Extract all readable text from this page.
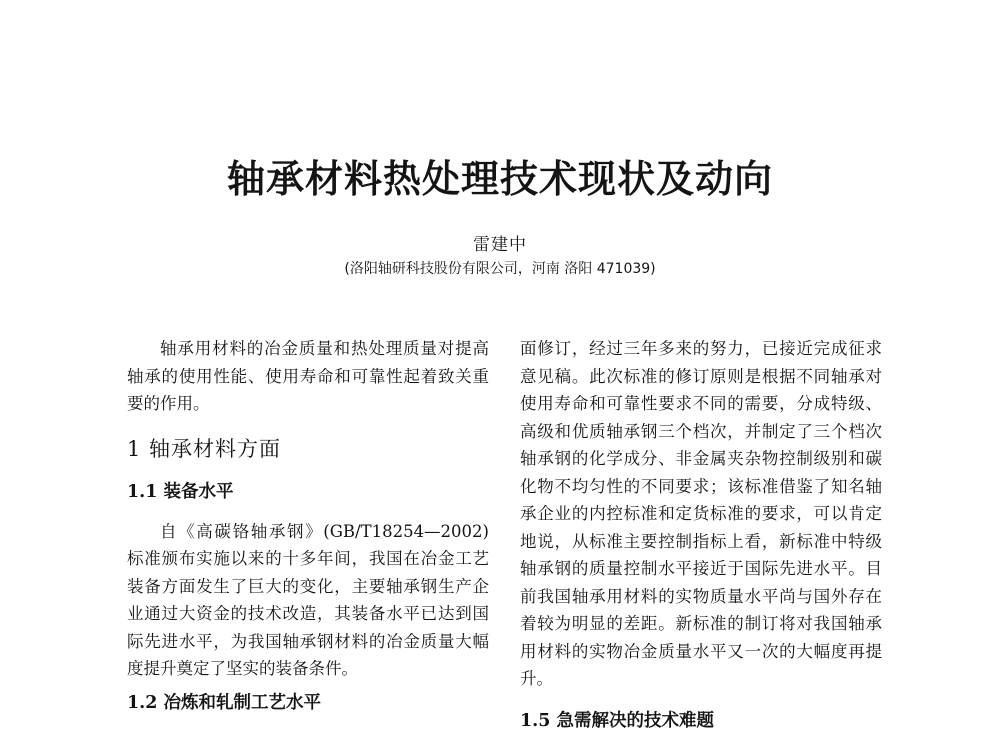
轴承材料热处理技术现状及动向
雷建中
(洛阳轴研科技股份有限公司，河南 洛阳 471039)

轴承用材料的冶金质量和热处理质量对提高轴承的使用性能、使用寿命和可靠性起着致关重要的作用。

1 轴承材料方面
1.1 装备水平

自《高碳铬轴承钢》(GB/T18254—2002)标准颁布实施以来的十多年间，我国在冶金工艺装备方面发生了巨大的变化，主要轴承钢生产企业通过大资金的技术改造，其装备水平已达到国际先进水平，为我国轴承钢材料的冶金质量大幅度提升奠定了坚实的装备条件。

1.2 冶炼和轧制工艺水平

面修订，经过三年多来的努力，已接近完成征求意见稿。此次标准的修订原则是根据不同轴承对使用寿命和可靠性要求不同的需要，分成特级、高级和优质轴承钢三个档次，并制定了三个档次轴承钢的化学成分、非金属夹杂物控制级别和碳化物不均匀性的不同要求；该标准借鉴了知名轴承企业的内控标准和定货标准的要求，可以肯定地说，从标准主要控制指标上看，新标准中特级轴承钢的质量控制水平接近于国际先进水平。目前我国轴承用材料的实物质量水平尚与国外存在着较为明显的差距。新标准的制订将对我国轴承用材料的实物冶金质量水平又一次的大幅度再提升。

1.5 急需解决的技术难题
